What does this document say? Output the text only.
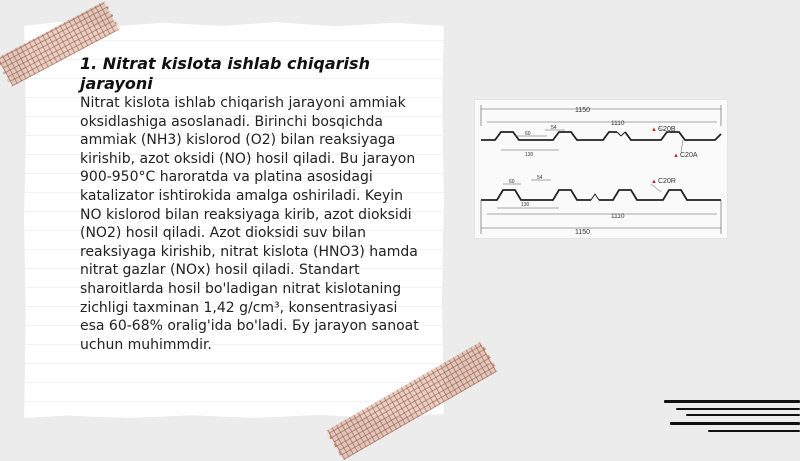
1. Nitrat kislota ishlab chiqarish jarayoni

Nitrat kislota ishlab chiqarish jarayoni ammiak oksidlashiga asoslanadi. Birinchi bosqichda ammiak (NH3) kislorod (O2) bilan reaksiyaga kirishib, azot oksidi (NO) hosil qiladi. Bu jarayon 900-950°C haroratda va platina asosidagi katalizator ishtirokida amalga oshiriladi. Keyin NO kislorod bilan reaksiyaga kirib, azot dioksidi (NO2) hosil qiladi. Azot dioksidi suv bilan reaksiyaga kirishib, nitrat kislota (HNO3) hamda nitrat gazlar (NOx) hosil qiladi. Standart sharoitlarda hosil bo'ladigan nitrat kislotaning zichligi taxminan 1,42 g/cm³, konsentrasiyasi esa 60-68% oralig'ida bo'ladi. Бу jarayon sanoat uchun muhimmdir.

1150
1110
60
54
130
▲ C20B
▲ C20A
60
54
130
▲ C20R
1110
1150
